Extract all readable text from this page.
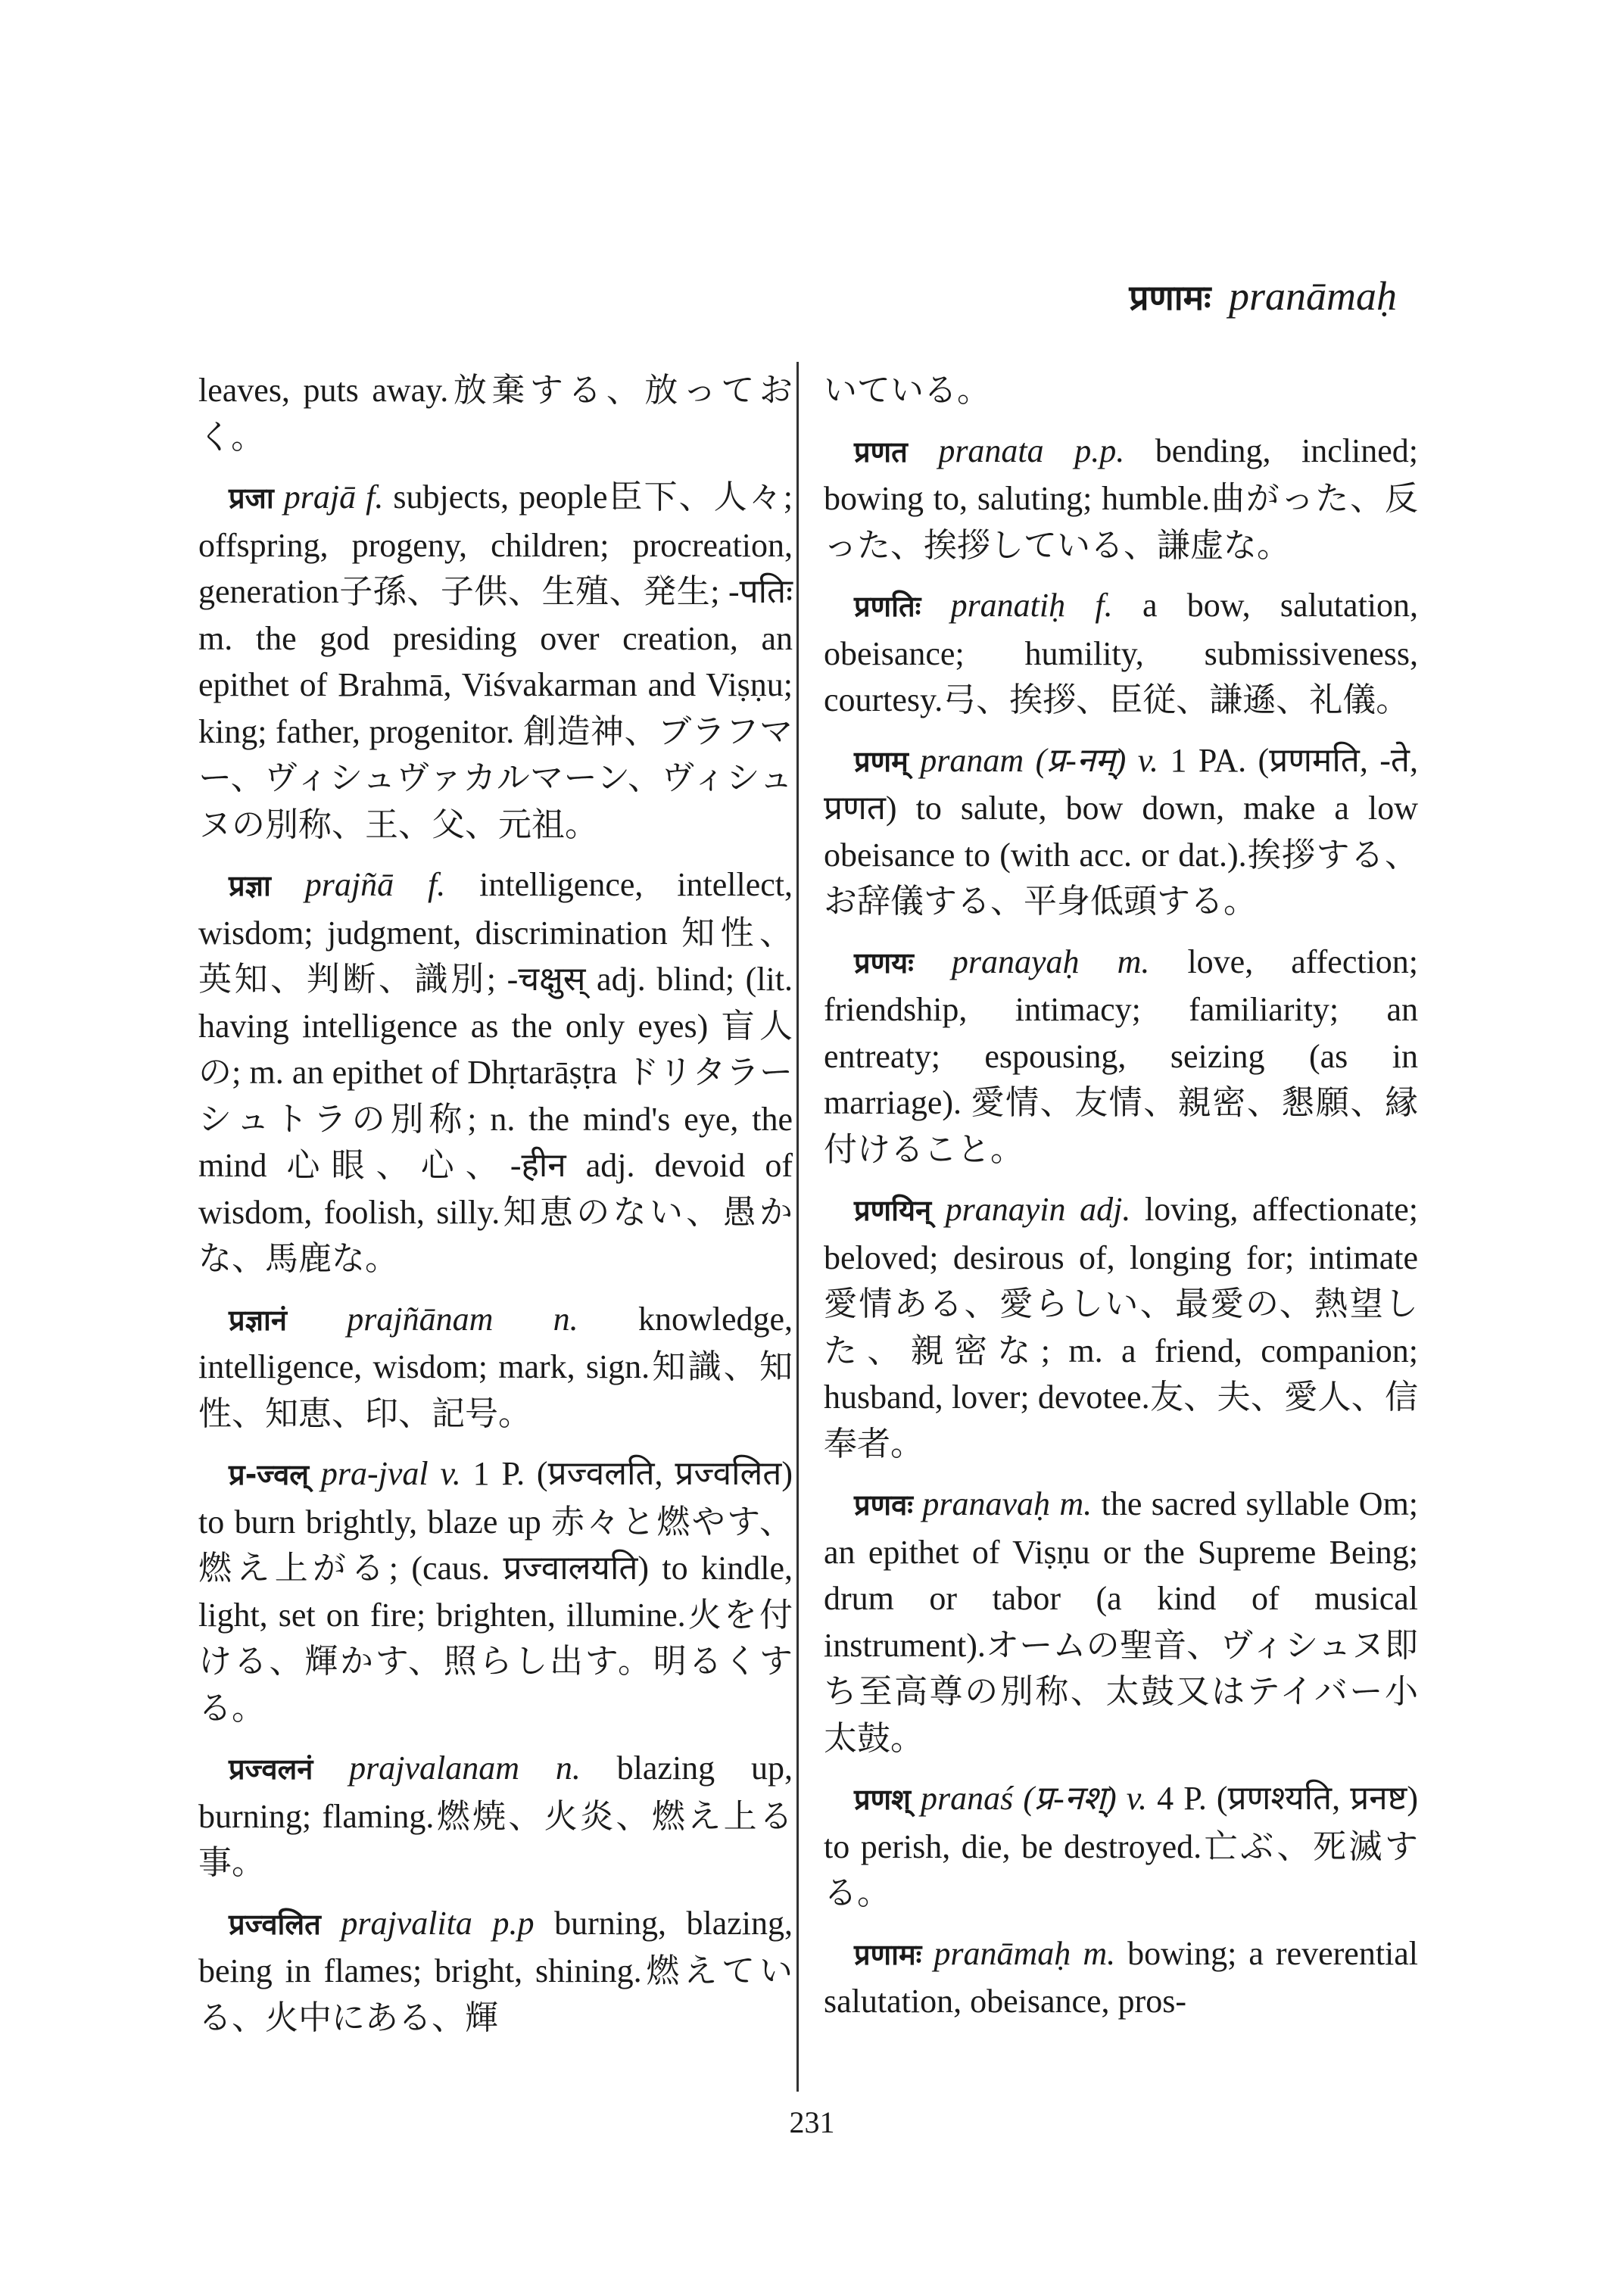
प्रणामः pranāmaḥ

leaves, puts away.放棄する、放っておく。

प्रजा prajā f. subjects, people臣下、人々; offspring, progeny, children; procreation, generation子孫、子供、生殖、発生; -पतिः m. the god presiding over creation, an epithet of Brahmā, Viśvakarman and Viṣṇu; king; father, progenitor. 創造神、ブラフマー、ヴィシュヴァカルマーン、ヴィシュヌの別称、王、父、元祖。

प्रज्ञा prajñā f. intelligence, intellect, wisdom; judgment, discrimination 知性、英知、判断、識別; -चक्षुस् adj. blind; (lit. having intelligence as the only eyes) 盲人の; m. an epithet of Dhṛtarāṣṭra ドリタラーシュトラの別称; n. the mind's eye, the mind 心眼、心、-हीन adj. devoid of wisdom, foolish, silly.知恵のない、愚かな、馬鹿な。

प्रज्ञानं prajñānam n. knowledge, intelligence, wisdom; mark, sign.知識、知性、知恵、印、記号。

प्र-ज्वल् pra-jval v. 1 P. (प्रज्वलति, प्रज्वलित) to burn brightly, blaze up 赤々と燃やす、燃え上がる; (caus. प्रज्वालयति) to kindle, light, set on fire; brighten, illumine.火を付ける、輝かす、照らし出す。明るくする。

प्रज्वलनं prajvalanam n. blazing up, burning; flaming.燃焼、火炎、燃え上る事。

प्रज्वलित prajvalita p.p burning, blazing, being in flames; bright, shining.燃えている、火中にある、輝

いている。

प्रणत pranata p.p. bending, inclined; bowing to, saluting; humble.曲がった、反った、挨拶している、謙虚な。

प्रणतिः pranatiḥ f. a bow, salutation, obeisance; humility, submissiveness, courtesy.弓、挨拶、臣従、謙遜、礼儀。

प्रणम् pranam (प्र-नम्) v. 1 PA. (प्रणमति, -ते, प्रणत) to salute, bow down, make a low obeisance to (with acc. or dat.).挨拶する、お辞儀する、平身低頭する。

प्रणयः pranayaḥ m. love, affection; friendship, intimacy; familiarity; an entreaty; espousing, seizing (as in marriage). 愛情、友情、親密、懇願、縁付けること。

प्रणयिन् pranayin adj. loving, affectionate; beloved; desirous of, longing for; intimate愛情ある、愛らしい、最愛の、熱望した、親密な; m. a friend, companion; husband, lover; devotee.友、夫、愛人、信奉者。

प्रणवः pranavaḥ m. the sacred syllable Om; an epithet of Viṣṇu or the Supreme Being; drum or tabor (a kind of musical instrument).オームの聖音、ヴィシュヌ即ち至高尊の別称、太鼓又はテイバー小太鼓。

प्रणश् pranaś (प्र-नश्) v. 4 P. (प्रणश्यति, प्रनष्ट) to perish, die, be destroyed.亡ぶ、死滅する。

प्रणामः pranāmaḥ m. bowing; a reverential salutation, obeisance, pros-

231
